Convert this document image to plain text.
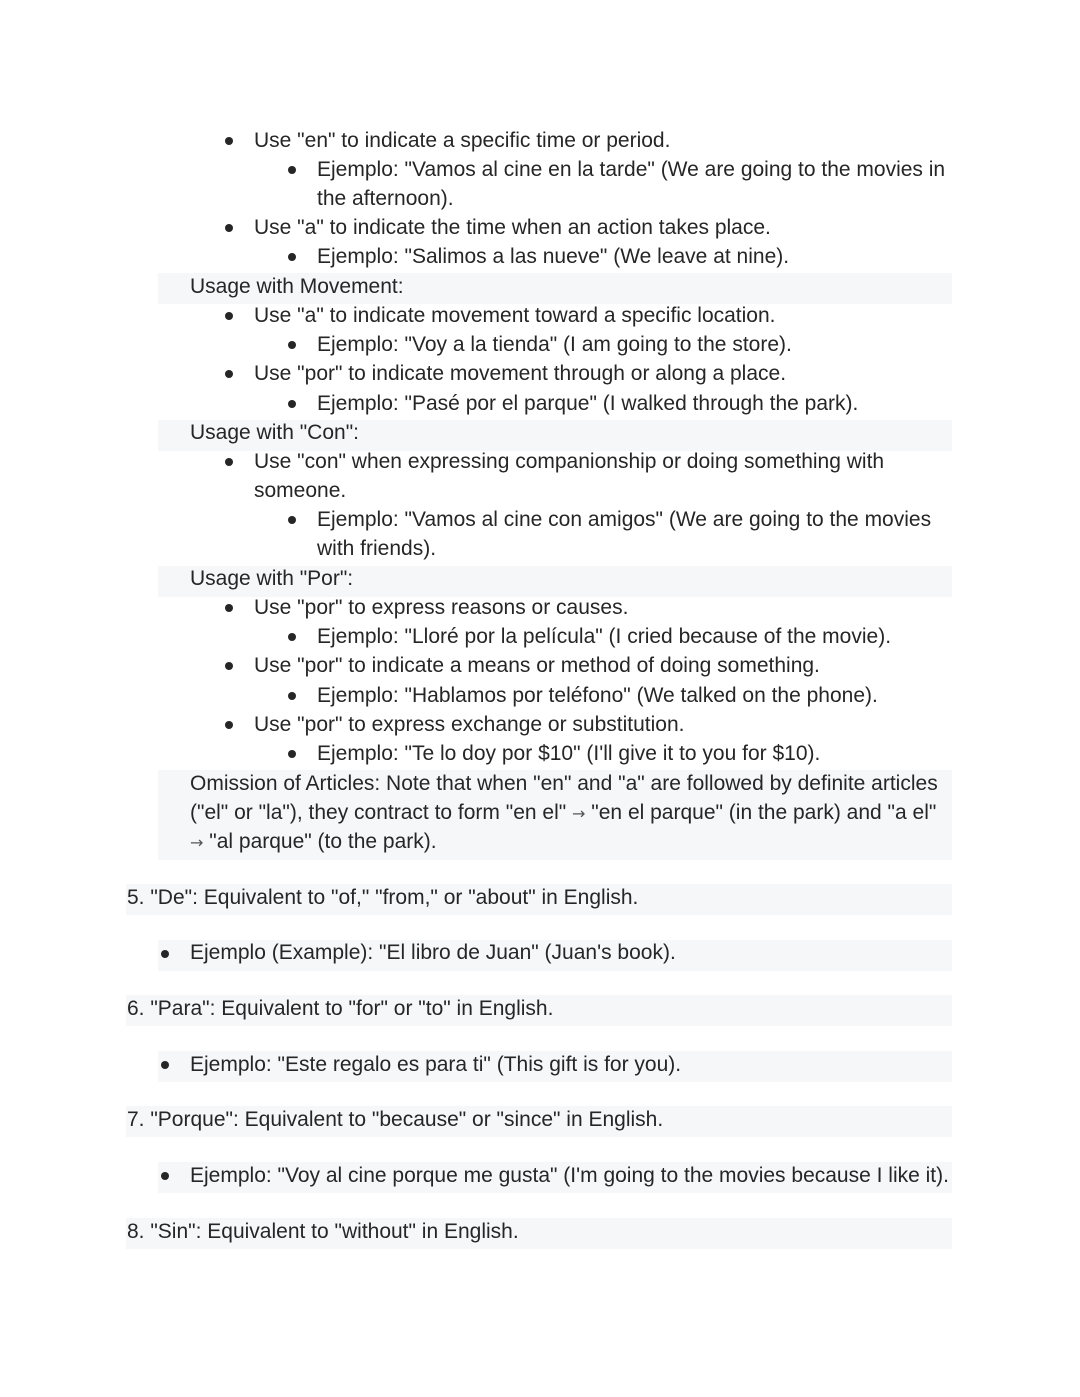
Use "en" to indicate a specific time or period.
Ejemplo: "Vamos al cine en la tarde" (We are going to the movies in
the afternoon).
Use "a" to indicate the time when an action takes place.
Ejemplo: "Salimos a las nueve" (We leave at nine).
Usage with Movement:
Use "a" to indicate movement toward a specific location.
Ejemplo: "Voy a la tienda" (I am going to the store).
Use "por" to indicate movement through or along a place.
Ejemplo: "Pasé por el parque" (I walked through the park).
Usage with "Con":
Use "con" when expressing companionship or doing something with
someone.
Ejemplo: "Vamos al cine con amigos" (We are going to the movies
with friends).
Usage with "Por":
Use "por" to express reasons or causes.
Ejemplo: "Lloré por la película" (I cried because of the movie).
Use "por" to indicate a means or method of doing something.
Ejemplo: "Hablamos por teléfono" (We talked on the phone).
Use "por" to express exchange or substitution.
Ejemplo: "Te lo doy por $10" (I'll give it to you for $10).
Omission of Articles: Note that when "en" and "a" are followed by definite articles
("el" or "la"), they contract to form "en el" → "en el parque" (in the park) and "a el"
→ "al parque" (to the park).
5. "De": Equivalent to "of," "from," or "about" in English.
Ejemplo (Example): "El libro de Juan" (Juan's book).
6. "Para": Equivalent to "for" or "to" in English.
Ejemplo: "Este regalo es para ti" (This gift is for you).
7. "Porque": Equivalent to "because" or "since" in English.
Ejemplo: "Voy al cine porque me gusta" (I'm going to the movies because I like it).
8. "Sin": Equivalent to "without" in English.
